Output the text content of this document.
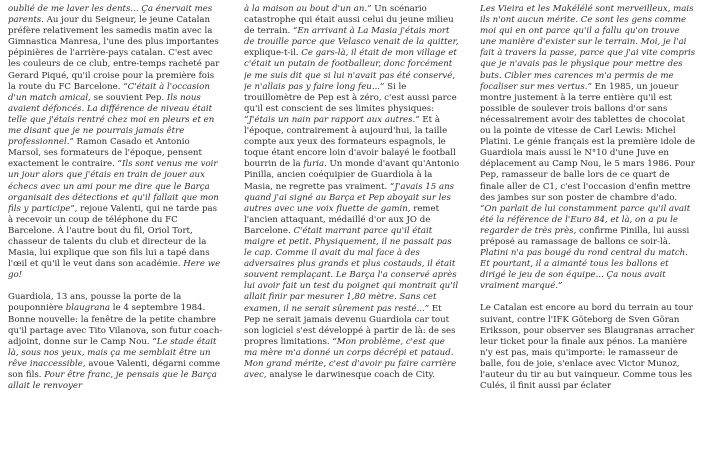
oublié de me laver les dents... Ça énervait mes parents. Au jour du Seigneur, le jeune Catalan préfère relativement les samedis matin avec la Gimnastica Manresa, l'une des plus importantes pépinières de l'arrière-pays catalan. C'est avec les couleurs de ce club, entre-temps racheté par Gerard Piqué, qu'il croise pour la première fois la route du FC Barcelone. “C'était à l'occasion d'un match amical, se souvient Pep. Ils nous avaient défoncés. La différence de niveau était telle que j'étais rentré chez moi en pleurs et en me disant que je ne pourrais jamais être professionnel.” Ramon Casado et Antonio Marsol, ses formateurs de l'époque, pensent exactement le contraire. “Ils sont venus me voir un jour alors que j'étais en train de jouer aux échecs avec un ami pour me dire que le Barça organisait des détections et qu'il fallait que mon fils y participe”, rejoue Valenti, qui ne tarde pas à recevoir un coup de téléphone du FC Barcelone. À l'autre bout du fil, Oriol Tort, chasseur de talents du club et directeur de la Masia, lui explique que son fils lui a tapé dans l'œil et qu'il le veut dans son académie. Here we go!

Guardiola, 13 ans, pousse la porte de la pouponnière blaugrana le 4 septembre 1984. Bonne nouvelle: la fenêtre de la petite chambre qu'il partage avec Tito Vilanova, son futur coach-adjoint, donne sur le Camp Nou. “Le stade était là, sous nos yeux, mais ça me semblait être un rêve inaccessible, avoue Valenti, dégarni comme son fils. Pour être franc, je pensais que le Barça allait le renvoyer

à la maison au bout d'un an.” Un scénario catastrophe qui était aussi celui du jeune milieu de terrain. “En arrivant à La Masia j'étais mort de trouille parce que Velasco venait de la quitter, explique-t-il. Ce gars-là, il était de mon village et c'était un putain de footballeur, donc forcément je me suis dit que si lui n'avait pas été conservé, je n'allais pas y faire long feu...” Si le trouillomètre de Pep est à zéro, c'est aussi parce qu'il est conscient de ses limites physiques: “J'étais un nain par rapport aux autres.” Et à l'époque, contrairement à aujourd'hui, la taille compte aux yeux des formateurs espagnols, le toque étant encore loin d'avoir balayé le football bourrin de la furia. Un monde d'avant qu'Antonio Pinilla, ancien coéquipier de Guardiola à la Masia, ne regrette pas vraiment. “J'avais 15 ans quand j'ai signé au Barça et Pep aboyait sur les autres avec une voix fluette de gamin, remet l'ancien attaquant, médaillé d'or aux JO de Barcelone. C'était marrant parce qu'il était maigre et petit. Physiquement, il ne passait pas le cap. Comme il avait du mal face à des adversaires plus grands et plus costauds, il était souvent remplaçant. Le Barça l'a conservé après lui avoir fait un test du poignet qui montrait qu'il allait finir par mesurer 1,80 mètre. Sans cet examen, il ne serait sûrement pas resté...” Et Pep ne serait jamais devenu Guardiola car tout son logiciel s'est développé à partir de là: de ses propres limitations. “Mon problème, c'est que ma mère m'a donné un corps décrépi et pataud. Mon grand mérite, c'est d'avoir pu faire carrière avec, analyse le darwinesque coach de City.

Les Vieira et les Makélélé sont merveilleux, mais ils n'ont aucun mérite. Ce sont les gens comme moi qui en ont parce qu'il a fallu qu'on trouve une manière d'exister sur le terrain. Moi, je l'ai fait à travers la passe, parce que j'ai vite compris que je n'avais pas le physique pour mettre des buts. Cibler mes carences m'a permis de me focaliser sur mes vertus.” En 1985, un joueur montre justement à la terre entière qu'il est possible de soulever trois ballons d'or sans nécessairement avoir des tablettes de chocolat ou la pointe de vitesse de Carl Lewis: Michel Platini. Le génie français est la première idole de Guardiola mais aussi le N°10 d'une Juve en déplacement au Camp Nou, le 5 mars 1986. Pour Pep, ramasseur de balle lors de ce quart de finale aller de C1, c'est l'occasion d'enfin mettre des jambes sur son poster de chambre d'ado. “On parlait de lui constamment parce qu'il avait été la référence de l'Euro 84, et là, on a pu le regarder de très près, confirme Pinilla, lui aussi préposé au ramassage de ballons ce soir-là. Platini n'a pas bougé du rond central du match. Et pourtant, il a aimanté tous les ballons et dirigé le jeu de son équipe... Ça nous avait vraiment marqué.”

Le Catalan est encore au bord du terrain au tour suivant, contre l'IFK Göteborg de Sven Göran Eriksson, pour observer ses Blaugranas arracher leur ticket pour la finale aux pénos. La manière n'y est pas, mais qu'importe: le ramasseur de balle, fou de joie, s'enlace avec Victor Munoz, l'auteur du tir au but vainqueur. Comme tous les Culés, il finit aussi par éclater
